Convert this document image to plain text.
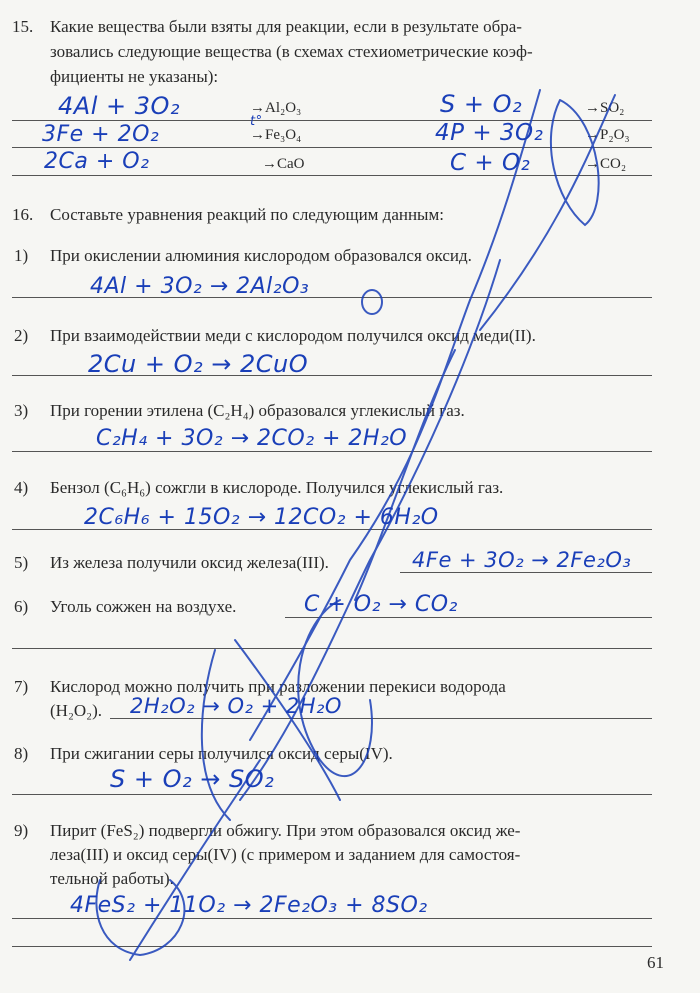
15. Какие вещества были взяты для реакции, если в результате обра-
зовались следующие вещества (в схемах стехиометрические коэф-
фициенты не указаны):
→Al₂O₃
→Fe₃O₄
→CaO
→SO₂
→P₂O₃
→CO₂
4Al + 3O₂
3Fe + 2O₂
2Ca + O₂
t°
S + O₂
4P + 3O₂
C + O₂
16. Составьте уравнения реакций по следующим данным:
1) При окислении алюминия кислородом образовался оксид.
4Al + 3O₂ → 2Al₂O₃
2) При взаимодействии меди с кислородом получился оксид меди(II).
2Cu + O₂ → 2CuO
3) При горении этилена (C₂H₄) образовался углекислый газ.
C₂H₄ + 3O₂ → 2CO₂ + 2H₂O
4) Бензол (C₆H₆) сожгли в кислороде. Получился углекислый газ.
2C₆H₆ + 15O₂ → 12CO₂ + 6H₂O
5) Из железа получили оксид железа(III).	4Fe + 3O₂ → 2Fe₂O₃
6) Уголь сожжен на воздухе.	C + O₂ → CO₂
7) Кислород можно получить при разложении перекиси водорода
(H₂O₂). 2H₂O₂ → O₂ + 2H₂O
8) При сжигании серы получился оксид серы(IV).
S + O₂ → SO₂
9) Пирит (FeS₂) подвергли обжигу. При этом образовался оксид же-
леза(III) и оксид серы(IV) (с примером и заданием для самостоя-
тельной работы).
4FeS₂ + 11O₂ → 2Fe₂O₃ + 8SO₂
61
